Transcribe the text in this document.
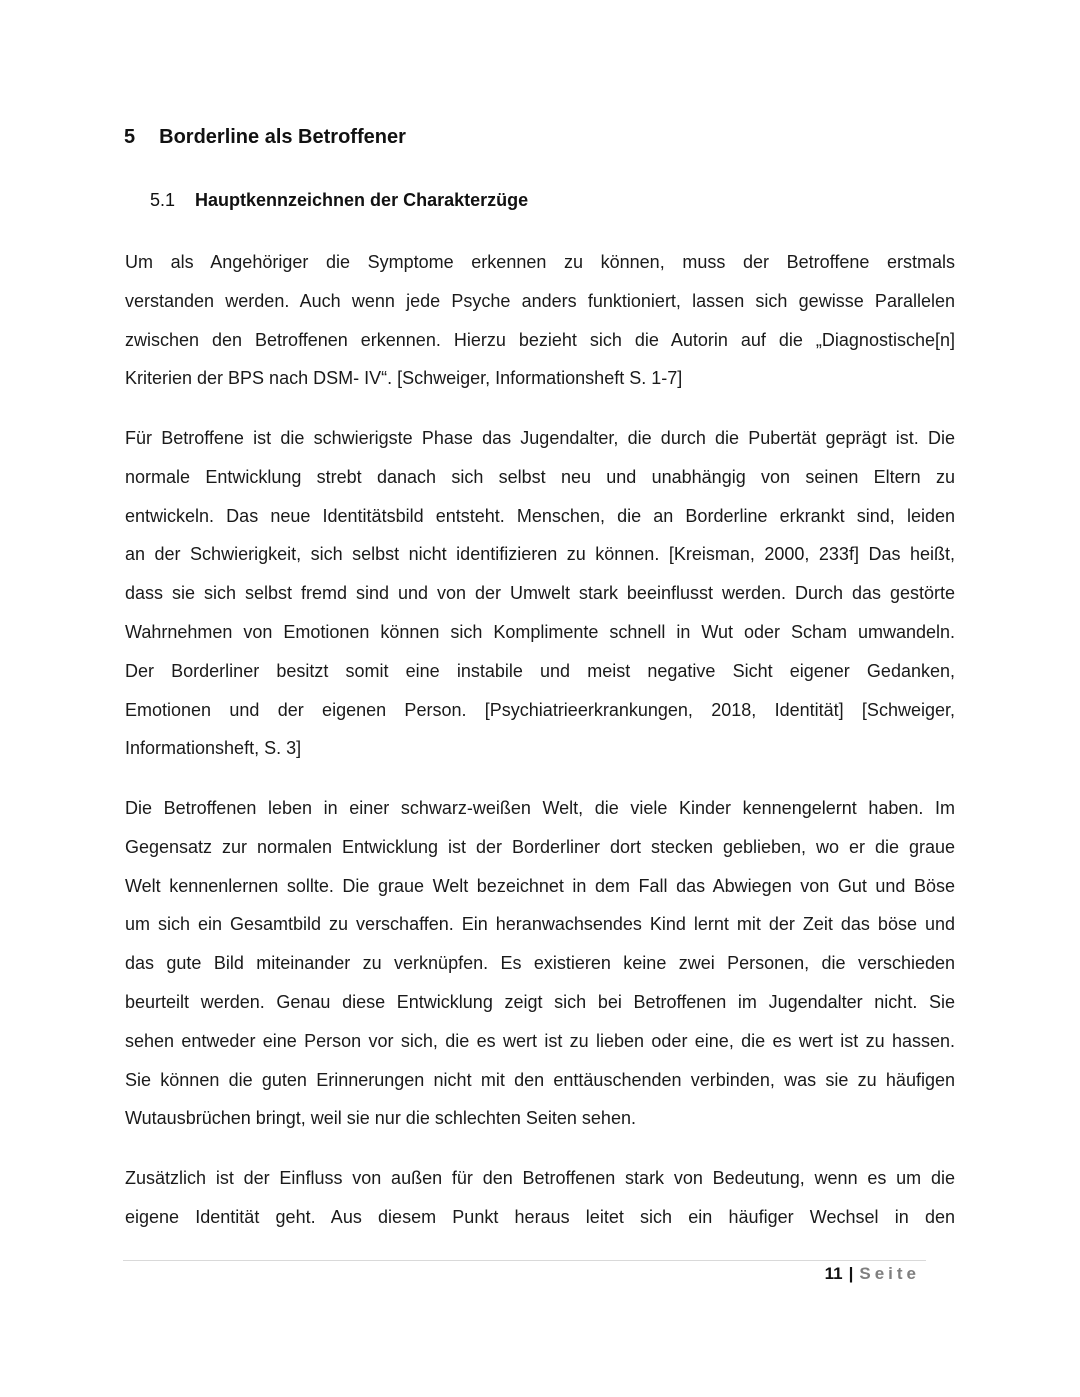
5 Borderline als Betroffener
5.1 Hauptkennzeichnen der Charakterzüge
Um als Angehöriger die Symptome erkennen zu können, muss der Betroffene erstmals
verstanden werden. Auch wenn jede Psyche anders funktioniert, lassen sich gewisse Parallelen
zwischen den Betroffenen erkennen. Hierzu bezieht sich die Autorin auf die „Diagnostische[n]
Kriterien der BPS nach DSM- IV“. [Schweiger, Informationsheft S. 1-7]
Für Betroffene ist die schwierigste Phase das Jugendalter, die durch die Pubertät geprägt ist. Die
normale Entwicklung strebt danach sich selbst neu und unabhängig von seinen Eltern zu
entwickeln. Das neue Identitätsbild entsteht. Menschen, die an Borderline erkrankt sind, leiden
an der Schwierigkeit, sich selbst nicht identifizieren zu können. [Kreisman, 2000, 233f] Das heißt,
dass sie sich selbst fremd sind und von der Umwelt stark beeinflusst werden. Durch das gestörte
Wahrnehmen von Emotionen können sich Komplimente schnell in Wut oder Scham umwandeln.
Der Borderliner besitzt somit eine instabile und meist negative Sicht eigener Gedanken,
Emotionen und der eigenen Person. [Psychiatrieerkrankungen, 2018, Identität] [Schweiger,
Informationsheft, S. 3]
Die Betroffenen leben in einer schwarz-weißen Welt, die viele Kinder kennengelernt haben. Im
Gegensatz zur normalen Entwicklung ist der Borderliner dort stecken geblieben, wo er die graue
Welt kennenlernen sollte. Die graue Welt bezeichnet in dem Fall das Abwiegen von Gut und Böse
um sich ein Gesamtbild zu verschaffen. Ein heranwachsendes Kind lernt mit der Zeit das böse und
das gute Bild miteinander zu verknüpfen. Es existieren keine zwei Personen, die verschieden
beurteilt werden. Genau diese Entwicklung zeigt sich bei Betroffenen im Jugendalter nicht. Sie
sehen entweder eine Person vor sich, die es wert ist zu lieben oder eine, die es wert ist zu hassen.
Sie können die guten Erinnerungen nicht mit den enttäuschenden verbinden, was sie zu häufigen
Wutausbrüchen bringt, weil sie nur die schlechten Seiten sehen.
Zusätzlich ist der Einfluss von außen für den Betroffenen stark von Bedeutung, wenn es um die
eigene Identität geht. Aus diesem Punkt heraus leitet sich ein häufiger Wechsel in den
11 | Seite
